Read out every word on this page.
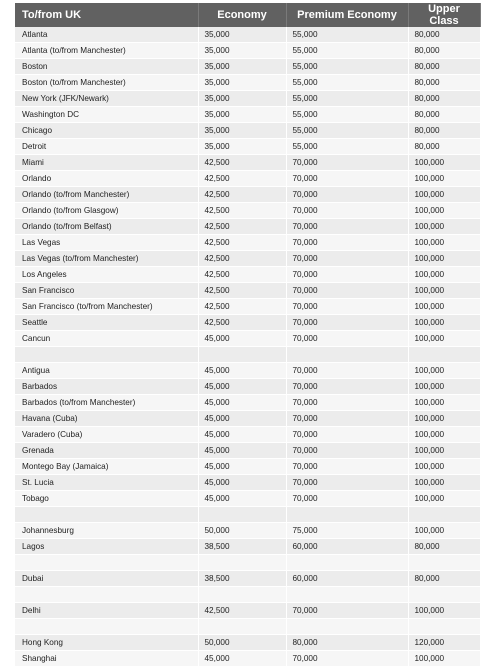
To/from UK	Economy	Premium Economy	Upper Class
Atlanta	35,000	55,000	80,000
Atlanta (to/from Manchester)	35,000	55,000	80,000
Boston	35,000	55,000	80,000
Boston (to/from Manchester)	35,000	55,000	80,000
New York (JFK/Newark)	35,000	55,000	80,000
Washington DC	35,000	55,000	80,000
Chicago	35,000	55,000	80,000
Detroit	35,000	55,000	80,000
Miami	42,500	70,000	100,000
Orlando	42,500	70,000	100,000
Orlando (to/from Manchester)	42,500	70,000	100,000
Orlando (to/from Glasgow)	42,500	70,000	100,000
Orlando (to/from Belfast)	42,500	70,000	100,000
Las Vegas	42,500	70,000	100,000
Las Vegas (to/from Manchester)	42,500	70,000	100,000
Los Angeles	42,500	70,000	100,000
San Francisco	42,500	70,000	100,000
San Francisco (to/from Manchester)	42,500	70,000	100,000
Seattle	42,500	70,000	100,000
Cancun	45,000	70,000	100,000

Antigua	45,000	70,000	100,000
Barbados	45,000	70,000	100,000
Barbados (to/from Manchester)	45,000	70,000	100,000
Havana (Cuba)	45,000	70,000	100,000
Varadero (Cuba)	45,000	70,000	100,000
Grenada	45,000	70,000	100,000
Montego Bay (Jamaica)	45,000	70,000	100,000
St. Lucia	45,000	70,000	100,000
Tobago	45,000	70,000	100,000

Johannesburg	50,000	75,000	100,000
Lagos	38,500	60,000	80,000

Dubai	38,500	60,000	80,000

Delhi	42,500	70,000	100,000

Hong Kong	50,000	80,000	120,000
Shanghai	45,000	70,000	100,000
